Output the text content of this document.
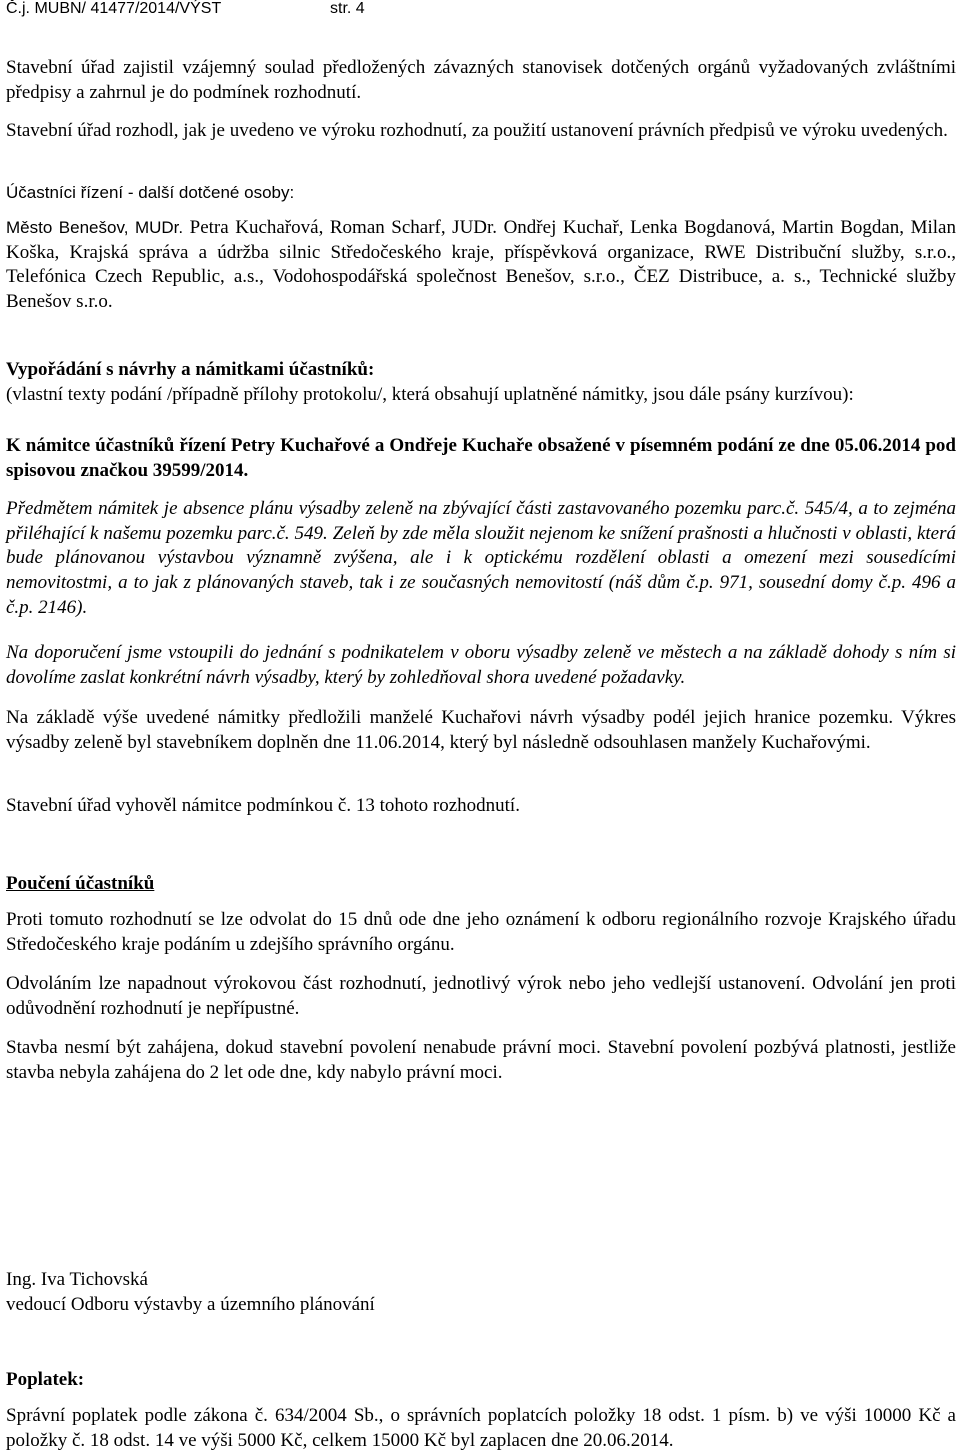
Č.j. MUBN/ 41477/2014/VÝST	str. 4

Stavební úřad zajistil vzájemný soulad předložených závazných stanovisek dotčených orgánů vyžadovaných zvláštními předpisy a zahrnul je do podmínek rozhodnutí.

Stavební úřad rozhodl, jak je uvedeno ve výroku rozhodnutí, za použití ustanovení právních předpisů ve výroku uvedených.

Účastníci řízení - další dotčené osoby:

Město Benešov, MUDr. Petra Kuchařová, Roman Scharf, JUDr. Ondřej Kuchař, Lenka Bogdanová, Martin Bogdan, Milan Koška, Krajská správa a údržba silnic Středočeského kraje, příspěvková organizace, RWE Distribuční služby, s.r.o., Telefónica Czech Republic, a.s., Vodohospodářská společnost Benešov, s.r.o., ČEZ Distribuce, a. s., Technické služby Benešov s.r.o.

Vypořádání s návrhy a námitkami účastníků:

(vlastní texty podání /případně přílohy protokolu/, která obsahují uplatněné námitky, jsou dále psány kurzívou):

K námitce účastníků řízení Petry Kuchařové a Ondřeje Kuchaře obsažené v písemném podání ze dne 05.06.2014 pod spisovou značkou 39599/2014.

Předmětem námitek je absence plánu výsadby zeleně na zbývající části zastavovaného pozemku parc.č. 545/4, a to zejména přiléhající k našemu pozemku parc.č. 549. Zeleň by zde měla sloužit nejenom ke snížení prašnosti a hlučnosti v oblasti, která bude plánovanou výstavbou významně zvýšena, ale i k optickému rozdělení oblasti a omezení mezi sousedícími nemovitostmi, a to jak z plánovaných staveb, tak i ze současných nemovitostí (náš dům č.p. 971, sousední domy č.p. 496 a č.p. 2146).

Na doporučení jsme vstoupili do jednání s podnikatelem v oboru výsadby zeleně ve městech a na základě dohody s ním si dovolíme zaslat konkrétní návrh výsadby, který by zohledňoval shora uvedené požadavky.

Na základě výše uvedené námitky předložili manželé Kuchařovi návrh výsadby podél jejich hranice pozemku. Výkres výsadby zeleně byl stavebníkem doplněn dne 11.06.2014, který byl následně odsouhlasen manžely Kuchařovými.

Stavební úřad vyhověl námitce podmínkou č. 13 tohoto rozhodnutí.

Poučení účastníků

Proti tomuto rozhodnutí se lze odvolat do 15 dnů ode dne jeho oznámení k odboru regionálního rozvoje Krajského úřadu Středočeského kraje podáním u zdejšího správního orgánu.

Odvoláním lze napadnout výrokovou část rozhodnutí, jednotlivý výrok nebo jeho vedlejší ustanovení. Odvolání jen proti odůvodnění rozhodnutí je nepřípustné.

Stavba nesmí být zahájena, dokud stavební povolení nenabude právní moci. Stavební povolení pozbývá platnosti, jestliže stavba nebyla zahájena do 2 let ode dne, kdy nabylo právní moci.

Ing. Iva Tichovská

vedoucí Odboru výstavby a územního plánování

Poplatek:

Správní poplatek podle zákona č. 634/2004 Sb., o správních poplatcích položky 18 odst. 1 písm. b) ve výši 10000 Kč a položky č. 18 odst. 14 ve výši 5000 Kč, celkem 15000 Kč byl zaplacen dne 20.06.2014.
